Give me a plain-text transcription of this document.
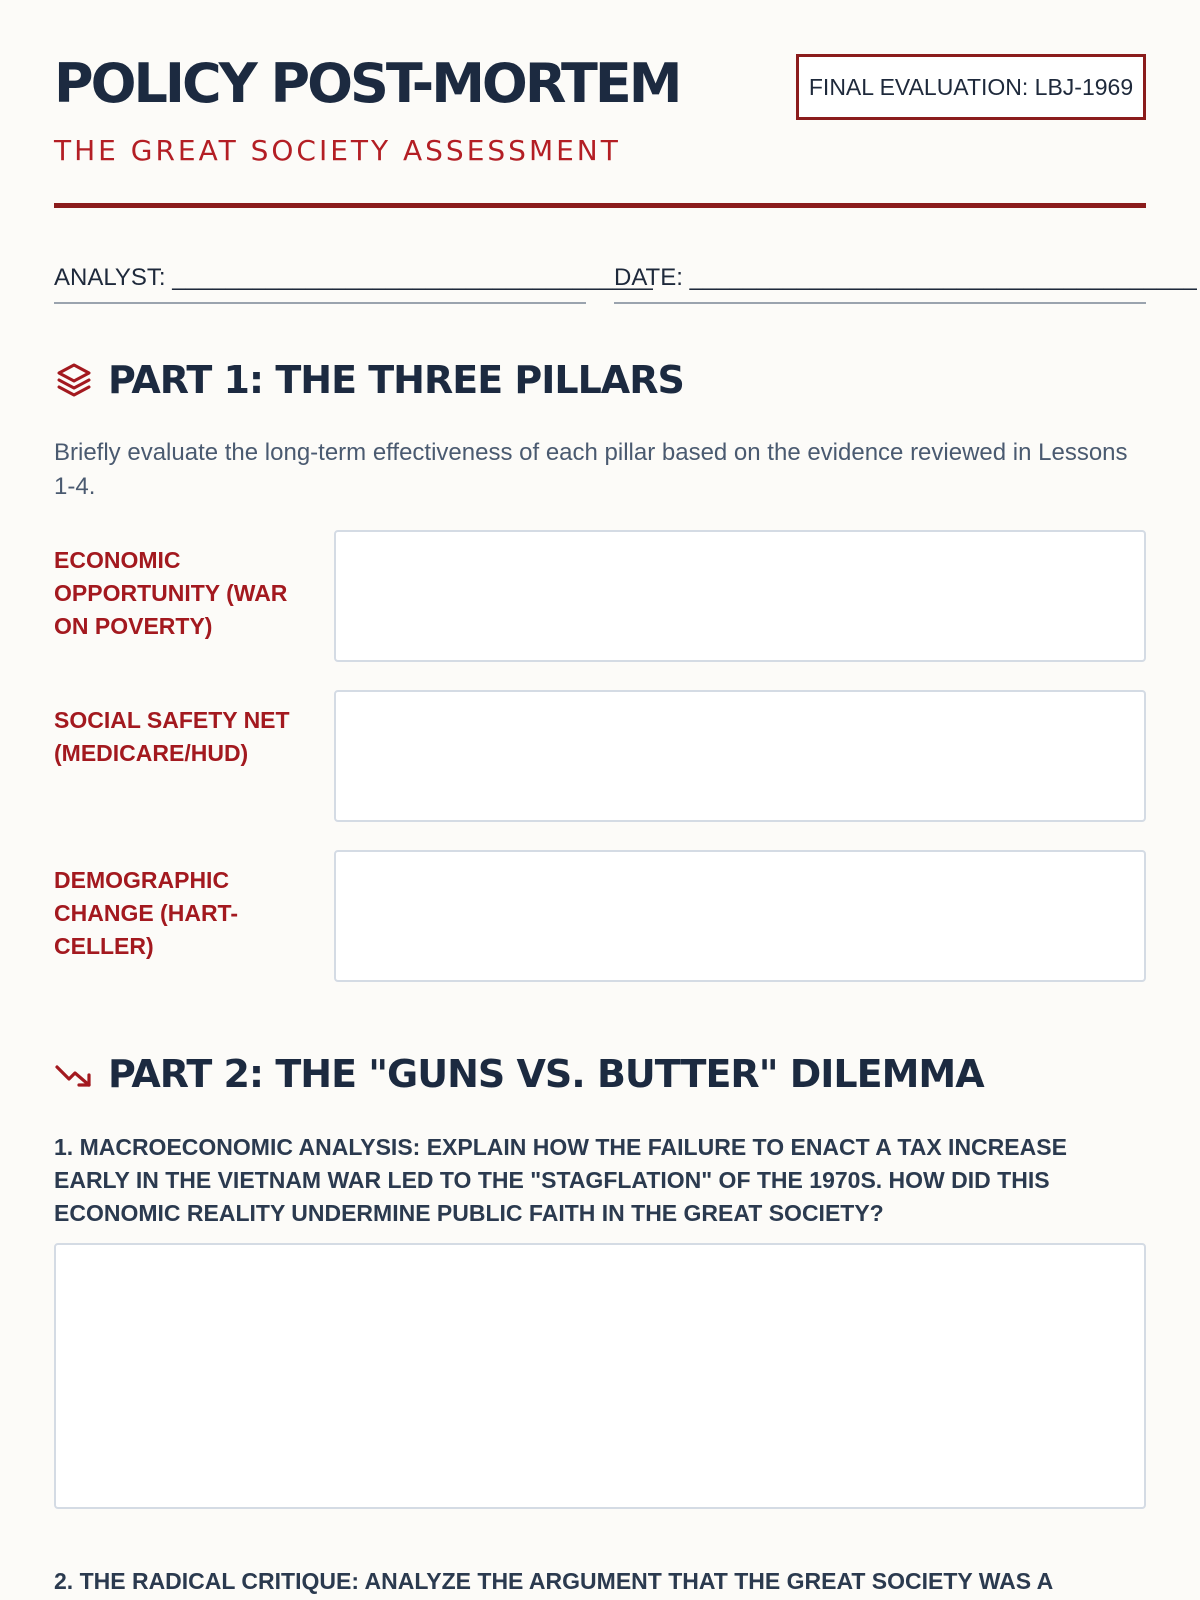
POLICY POST-MORTEM

THE GREAT SOCIETY ASSESSMENT

FINAL EVALUATION: LBJ-1969
ANALYST: ____________________________________
DATE: ______________________________________
PART 1: THE THREE PILLARS

Briefly evaluate the long-term effectiveness of each pillar based on the evidence reviewed in Lessons 1-4.

ECONOMIC OPPORTUNITY (WAR ON POVERTY)

SOCIAL SAFETY NET (MEDICARE/HUD)

DEMOGRAPHIC CHANGE (HART-CELLER)

PART 2: THE "GUNS VS. BUTTER" DILEMMA

1. MACROECONOMIC ANALYSIS: EXPLAIN HOW THE FAILURE TO ENACT A TAX INCREASE EARLY IN THE VIETNAM WAR LED TO THE "STAGFLATION" OF THE 1970S. HOW DID THIS ECONOMIC REALITY UNDERMINE PUBLIC FAITH IN THE GREAT SOCIETY?

2. THE RADICAL CRITIQUE: ANALYZE THE ARGUMENT THAT THE GREAT SOCIETY WAS A
